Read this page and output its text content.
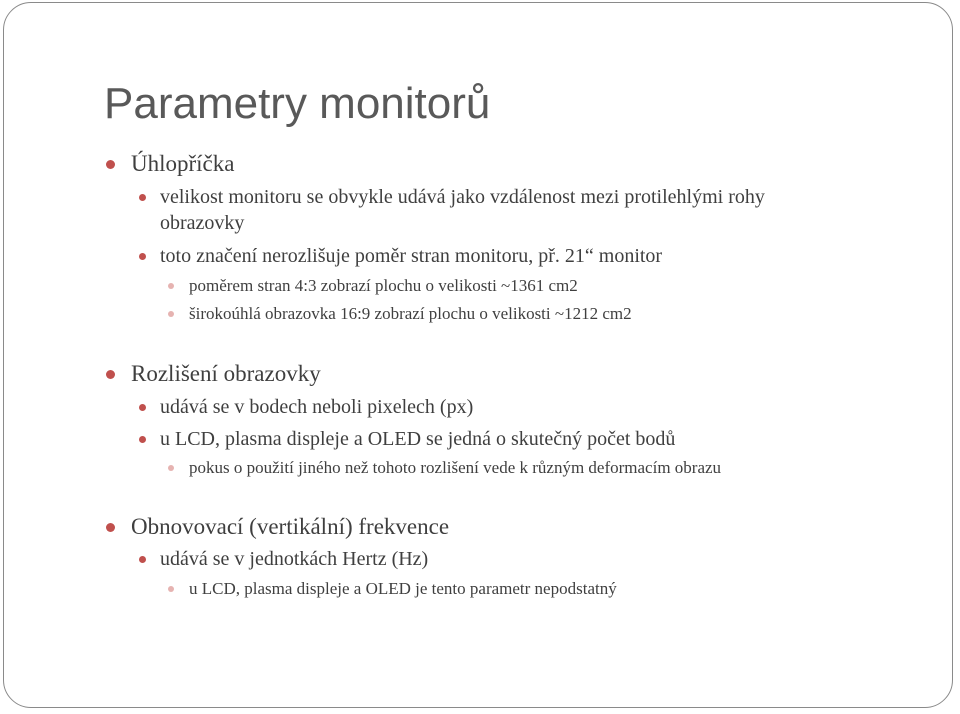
Parametry monitorů
Úhlopříčka
velikost monitoru se obvykle udává jako vzdálenost mezi protilehlými rohy
obrazovky
toto značení nerozlišuje poměr stran monitoru, př. 21“ monitor
poměrem stran 4:3 zobrazí plochu o velikosti ~1361 cm2
širokoúhlá obrazovka 16:9 zobrazí plochu o velikosti ~1212 cm2
Rozlišení obrazovky
udává se v bodech neboli pixelech (px)
u LCD, plasma displeje a OLED se jedná o skutečný počet bodů
pokus o použití jiného než tohoto rozlišení vede k různým deformacím obrazu
Obnovovací (vertikální) frekvence
udává se v jednotkách Hertz (Hz)
u LCD, plasma displeje a OLED je tento parametr nepodstatný
